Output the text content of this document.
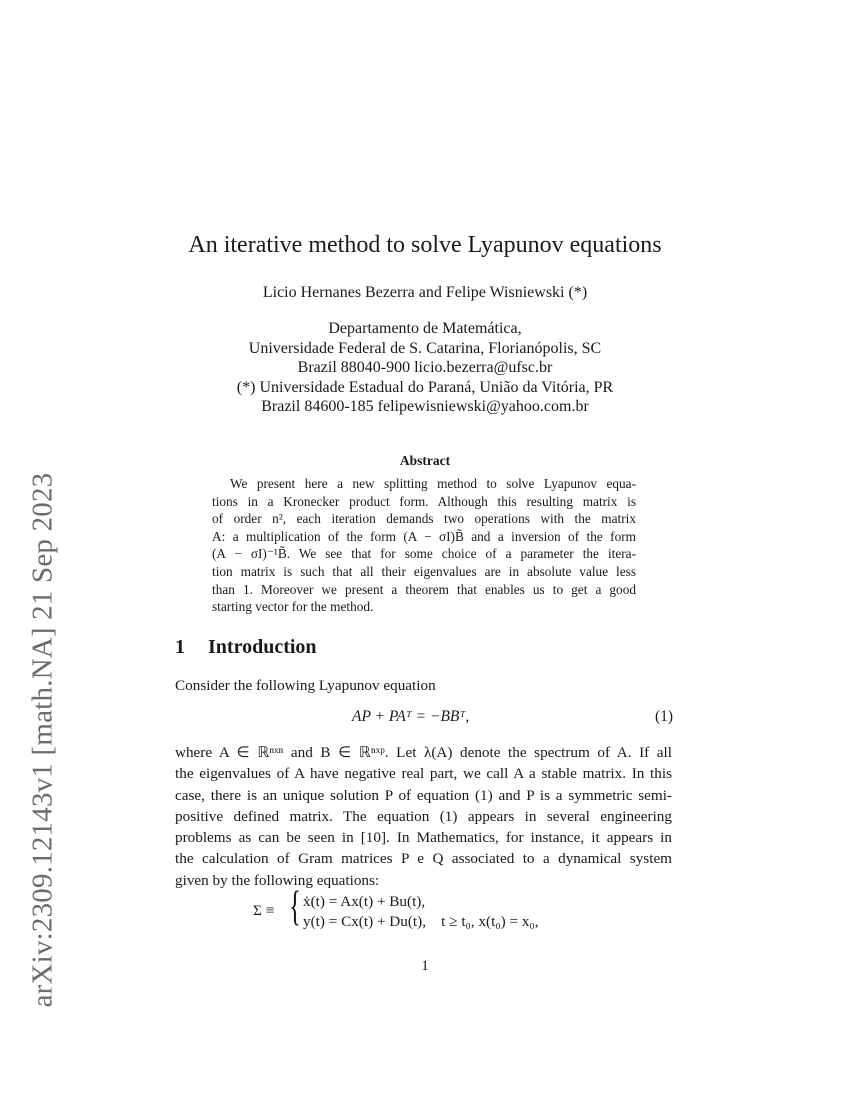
arXiv:2309.12143v1 [math.NA] 21 Sep 2023
An iterative method to solve Lyapunov equations
Licio Hernanes Bezerra and Felipe Wisniewski (*)
Departamento de Matemática,
Universidade Federal de S. Catarina, Florianópolis, SC
Brazil 88040-900 licio.bezerra@ufsc.br
(*) Universidade Estadual do Paraná, União da Vitória, PR
Brazil 84600-185 felipewisniewski@yahoo.com.br
Abstract
We present here a new splitting method to solve Lyapunov equa-
tions in a Kronecker product form. Although this resulting matrix is
of order n², each iteration demands two operations with the matrix
A: a multiplication of the form (A − σI)B̃ and a inversion of the form
(A − σI)⁻¹B̃. We see that for some choice of a parameter the itera-
tion matrix is such that all their eigenvalues are in absolute value less
than 1. Moreover we present a theorem that enables us to get a good
starting vector for the method.
1 Introduction
Consider the following Lyapunov equation
AP + PAᵀ = −BBᵀ,	(1)
where A ∈ ℝⁿˣⁿ and B ∈ ℝⁿˣᵖ. Let λ(A) denote the spectrum of A. If all
the eigenvalues of A have negative real part, we call A a stable matrix. In this
case, there is an unique solution P of equation (1) and P is a symmetric semi-
positive defined matrix. The equation (1) appears in several engineering
problems as can be seen in [10]. In Mathematics, for instance, it appears in
the calculation of Gram matrices P e Q associated to a dynamical system
given by the following equations:
Σ ≡ { ẋ(t) = Ax(t) + Bu(t),
y(t) = Cx(t) + Du(t),    t ≥ t₀, x(t₀) = x₀,
1
